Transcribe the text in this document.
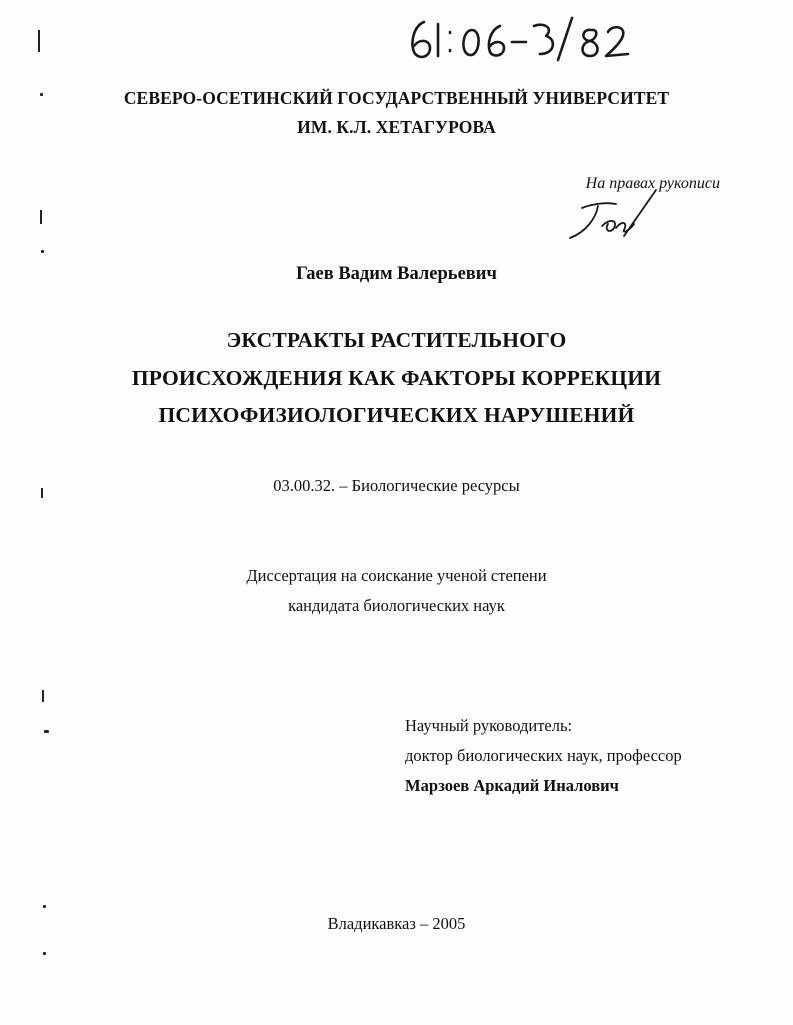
СЕВЕРО-ОСЕТИНСКИЙ ГОСУДАРСТВЕННЫЙ УНИВЕРСИТЕТ
ИМ. К.Л. ХЕТАГУРОВА
На правах рукописи
Гаев Вадим Валерьевич
ЭКСТРАКТЫ РАСТИТЕЛЬНОГО
ПРОИСХОЖДЕНИЯ КАК ФАКТОРЫ КОРРЕКЦИИ
ПСИХОФИЗИОЛОГИЧЕСКИХ НАРУШЕНИЙ
03.00.32. – Биологические ресурсы
Диссертация на соискание ученой степени
кандидата биологических наук
Научный руководитель:
доктор биологических наук, профессор
Марзоев Аркадий Иналович
Владикавказ – 2005
